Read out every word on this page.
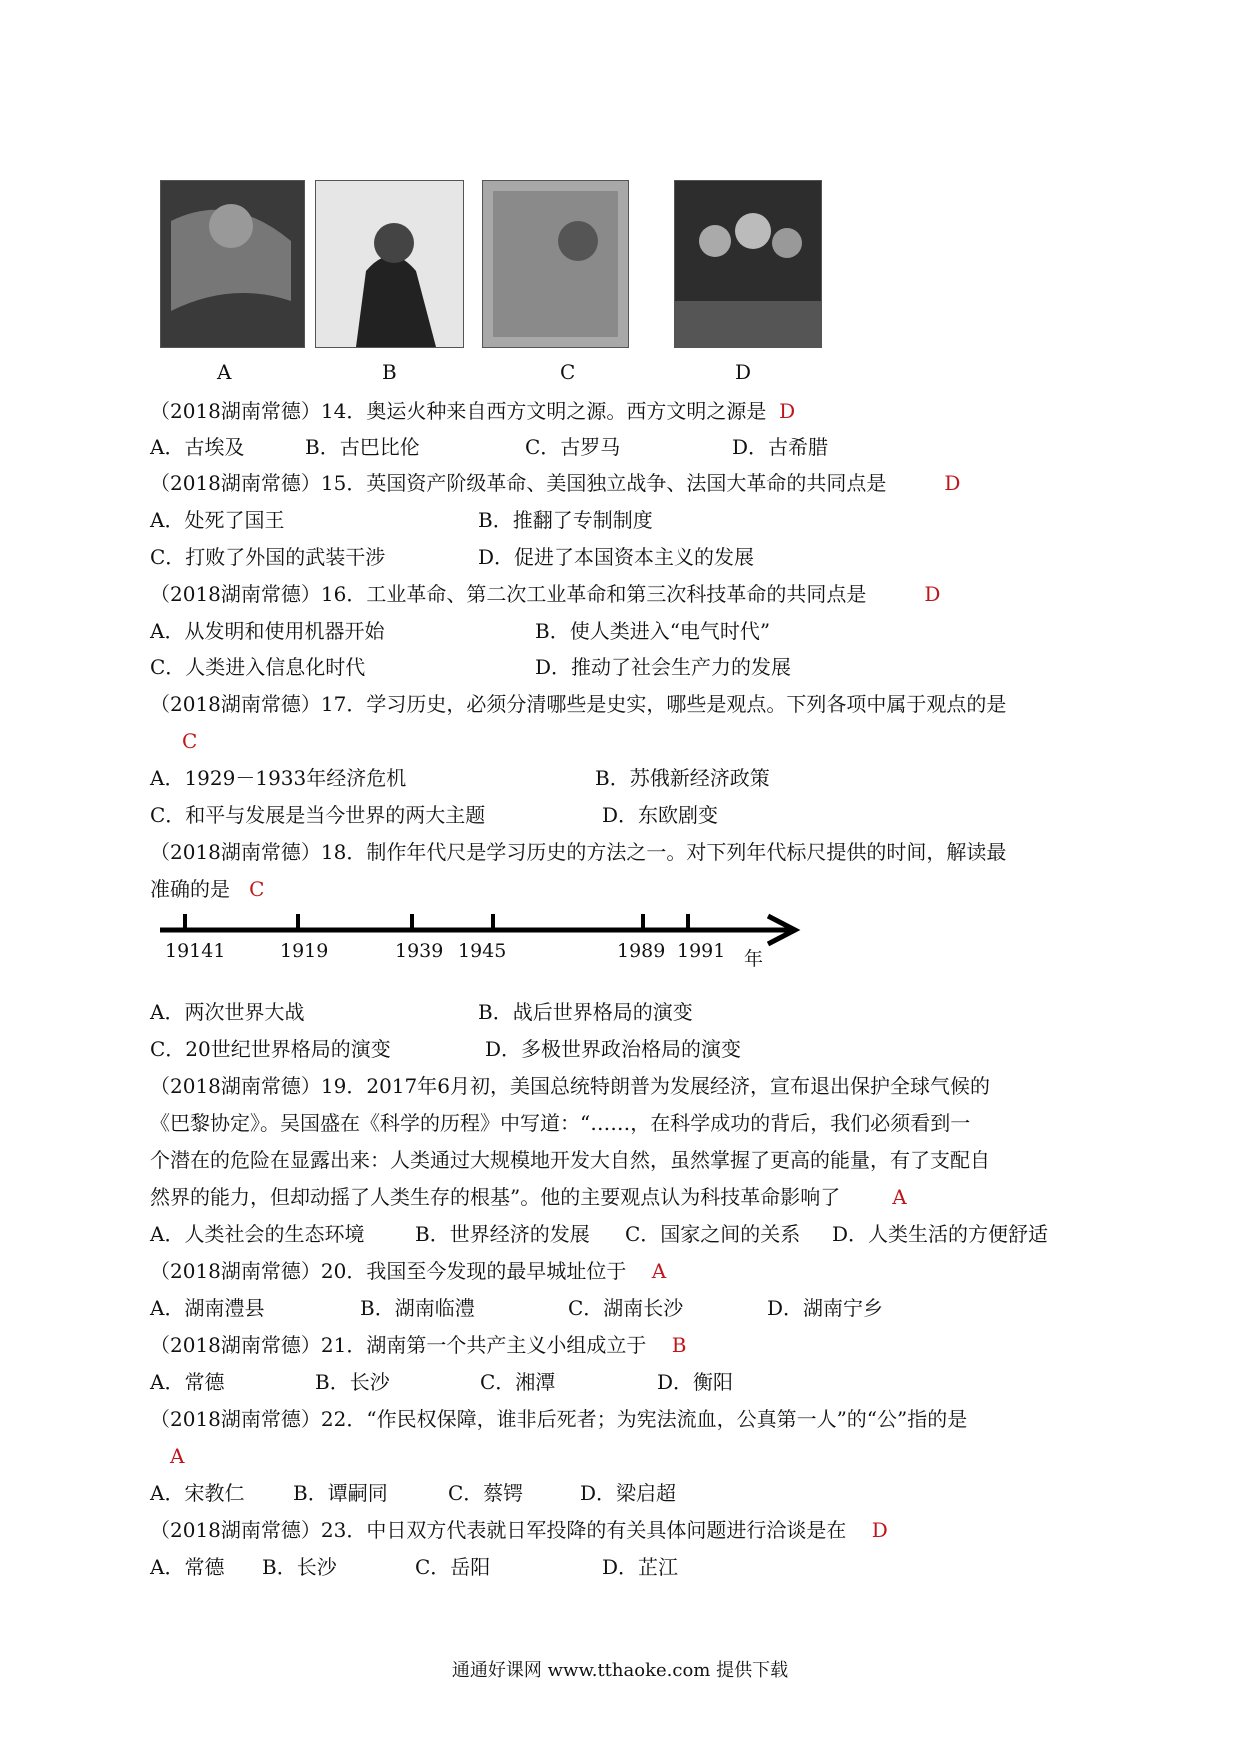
A	B	C	D
（2018湖南常德）14．奥运火种来自西方文明之源。西方文明之源是 D
A．古埃及	B．古巴比伦	C．古罗马	D．古希腊
（2018湖南常德）15．英国资产阶级革命、美国独立战争、法国大革命的共同点是	D
A．处死了国王	B．推翻了专制制度
C．打败了外国的武装干涉	D．促进了本国资本主义的发展
（2018湖南常德）16．工业革命、第二次工业革命和第三次科技革命的共同点是	D
A．从发明和使用机器开始	B．使人类进入“电气时代”
C．人类进入信息化时代	D．推动了社会生产力的发展
（2018湖南常德）17．学习历史，必须分清哪些是史实，哪些是观点。下列各项中属于观点的是
C
A．1929－1933年经济危机	B．苏俄新经济政策
C．和平与发展是当今世界的两大主题	D．东欧剧变
（2018湖南常德）18．制作年代尺是学习历史的方法之一。对下列年代标尺提供的时间，解读最
准确的是 C
19141	1919	1939 1945	1989 1991 年
A．两次世界大战	B．战后世界格局的演变
C．20世纪世界格局的演变	D．多极世界政治格局的演变
（2018湖南常德）19．2017年6月初，美国总统特朗普为发展经济，宣布退出保护全球气候的
《巴黎协定》。吴国盛在《科学的历程》中写道：“……，在科学成功的背后，我们必须看到一
个潜在的危险在显露出来：人类通过大规模地开发大自然，虽然掌握了更高的能量，有了支配自
然界的能力，但却动摇了人类生存的根基”。他的主要观点认为科技革命影响了	A
A．人类社会的生态环境	B．世界经济的发展 C．国家之间的关系 D．人类生活的方便舒适
（2018湖南常德）20．我国至今发现的最早城址位于 A
A．湖南澧县	B．湖南临澧	C．湖南长沙	D．湖南宁乡
（2018湖南常德）21．湖南第一个共产主义小组成立于 B
A．常德	B．长沙	C．湘潭	D．衡阳
（2018湖南常德）22．“作民权保障，谁非后死者；为宪法流血，公真第一人”的“公”指的是
A
A．宋教仁 B．谭嗣同	C．蔡锷	D．梁启超
（2018湖南常德）23．中日双方代表就日军投降的有关具体问题进行洽谈是在 D
A．常德 B．长沙	C．岳阳	D．芷江
通通好课网 www.tthaoke.com 提供下载
